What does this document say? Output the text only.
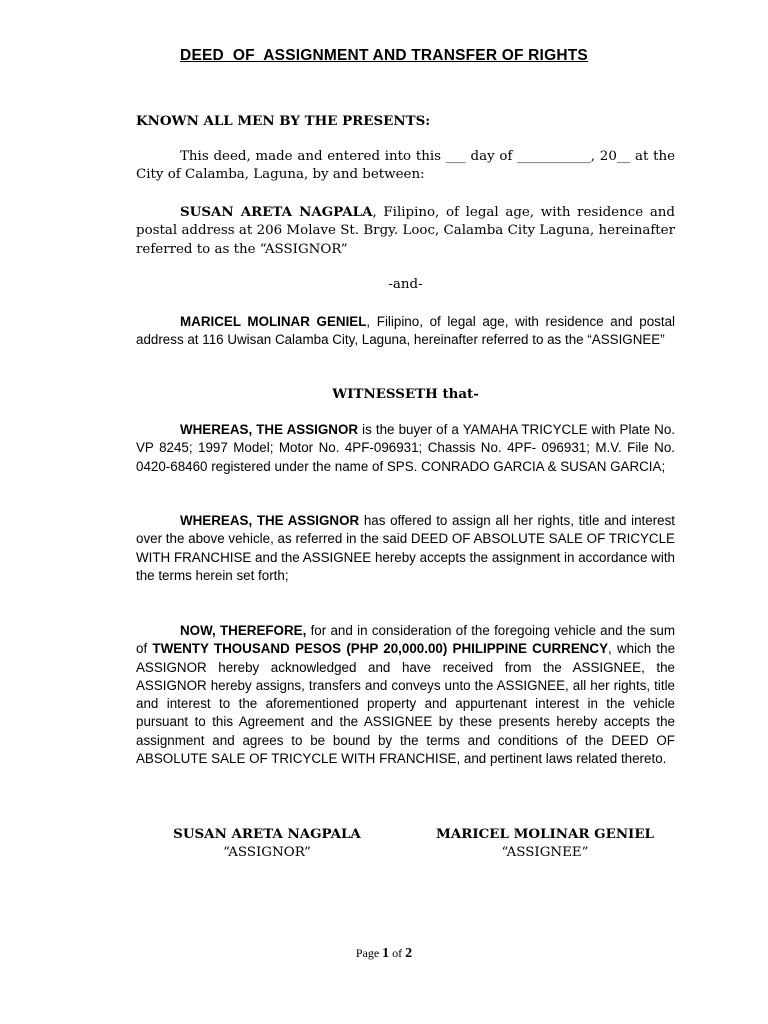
DEED  OF  ASSIGNMENT AND TRANSFER OF RIGHTS
KNOWN ALL MEN BY THE PRESENTS:
This deed, made and entered into this ___ day of ___________, 20__ at the City of Calamba, Laguna, by and between:
SUSAN ARETA NAGPALA, Filipino, of legal age, with residence and postal address at 206 Molave St. Brgy. Looc, Calamba City Laguna, hereinafter referred to as the “ASSIGNOR”
-and-
MARICEL MOLINAR GENIEL, Filipino, of legal age, with residence and postal address at 116 Uwisan Calamba City, Laguna, hereinafter referred to as the “ASSIGNEE”
WITNESSETH that-
WHEREAS, THE ASSIGNOR is the buyer of a YAMAHA TRICYCLE with Plate No. VP 8245; 1997 Model; Motor No. 4PF-096931; Chassis No. 4PF- 096931; M.V. File No. 0420-68460 registered under the name of SPS. CONRADO GARCIA & SUSAN GARCIA;
WHEREAS, THE ASSIGNOR has offered to assign all her rights, title and interest over the above vehicle, as referred in the said DEED OF ABSOLUTE SALE OF TRICYCLE WITH FRANCHISE and the ASSIGNEE hereby accepts the assignment in accordance with the terms herein set forth;
NOW, THEREFORE, for and in consideration of the foregoing vehicle and the sum of TWENTY THOUSAND PESOS (PHP 20,000.00) PHILIPPINE CURRENCY, which the ASSIGNOR hereby acknowledged and have received from the ASSIGNEE, the ASSIGNOR hereby assigns, transfers and conveys unto the ASSIGNEE, all her rights, title and interest to the aforementioned property and appurtenant interest in the vehicle pursuant to this Agreement and the ASSIGNEE by these presents hereby accepts the assignment and agrees to be bound by the terms and conditions of the DEED OF ABSOLUTE SALE OF TRICYCLE WITH FRANCHISE, and pertinent laws related thereto.
SUSAN ARETA NAGPALA
“ASSIGNOR”
MARICEL MOLINAR GENIEL
“ASSIGNEE”
Page 1 of 2
